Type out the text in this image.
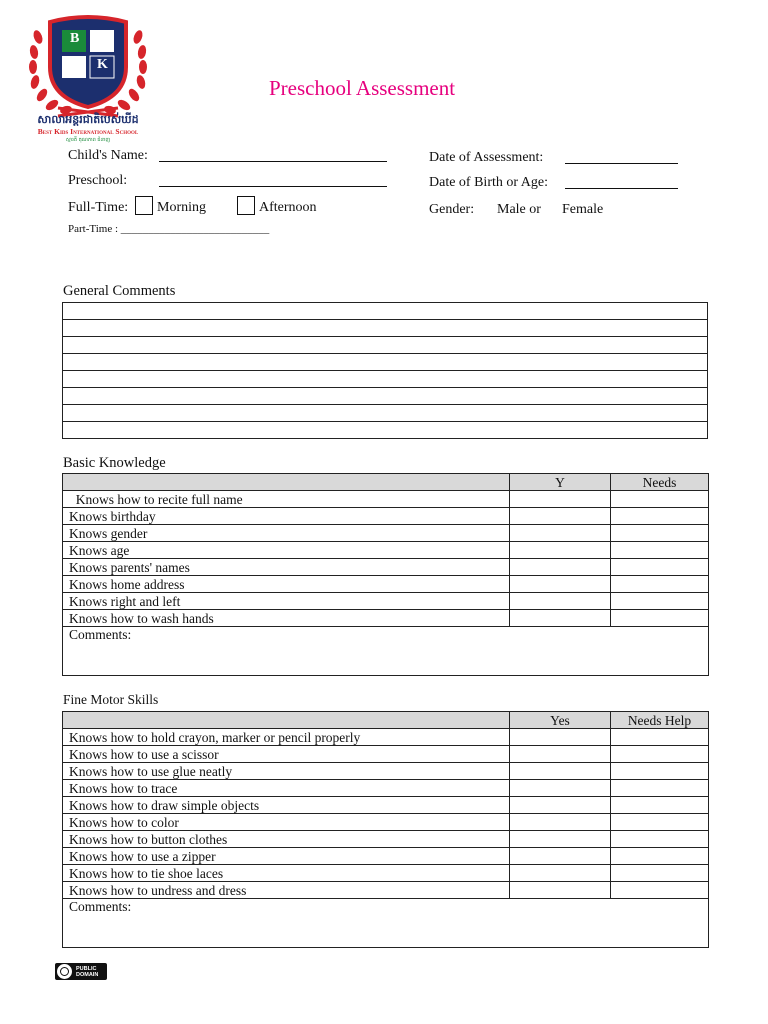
B
K
សាលាអន្តរជាតិបេស់ឃីដ
Best Kids International School
ស្មារតី គុណភាព ជំនាញ
Preschool Assessment
Child's Name:
Preschool:
Full-Time: Morning	Afternoon
Part-Time : ___________________________
Date of Assessment:
Date of Birth or Age:
Gender: Male or Female
General Comments

Basic Knowledge
	Y	Needs
Knows how to recite full name		
Knows birthday		
Knows gender		
Knows age		
Knows parents' names		
Knows home address		
Knows right and left		
Knows how to wash hands		
Comments:		
Fine Motor Skills
	Yes	Needs Help
Knows how to hold crayon, marker or pencil properly		
Knows how to use a scissor		
Knows how to use glue neatly		
Knows how to trace		
Knows how to draw simple objects		
Knows how to color		
Knows how to button clothes		
Knows how to use a zipper		
Knows how to tie shoe laces		
Knows how to undress and dress		
Comments:		
PUBLIC
DOMAIN
